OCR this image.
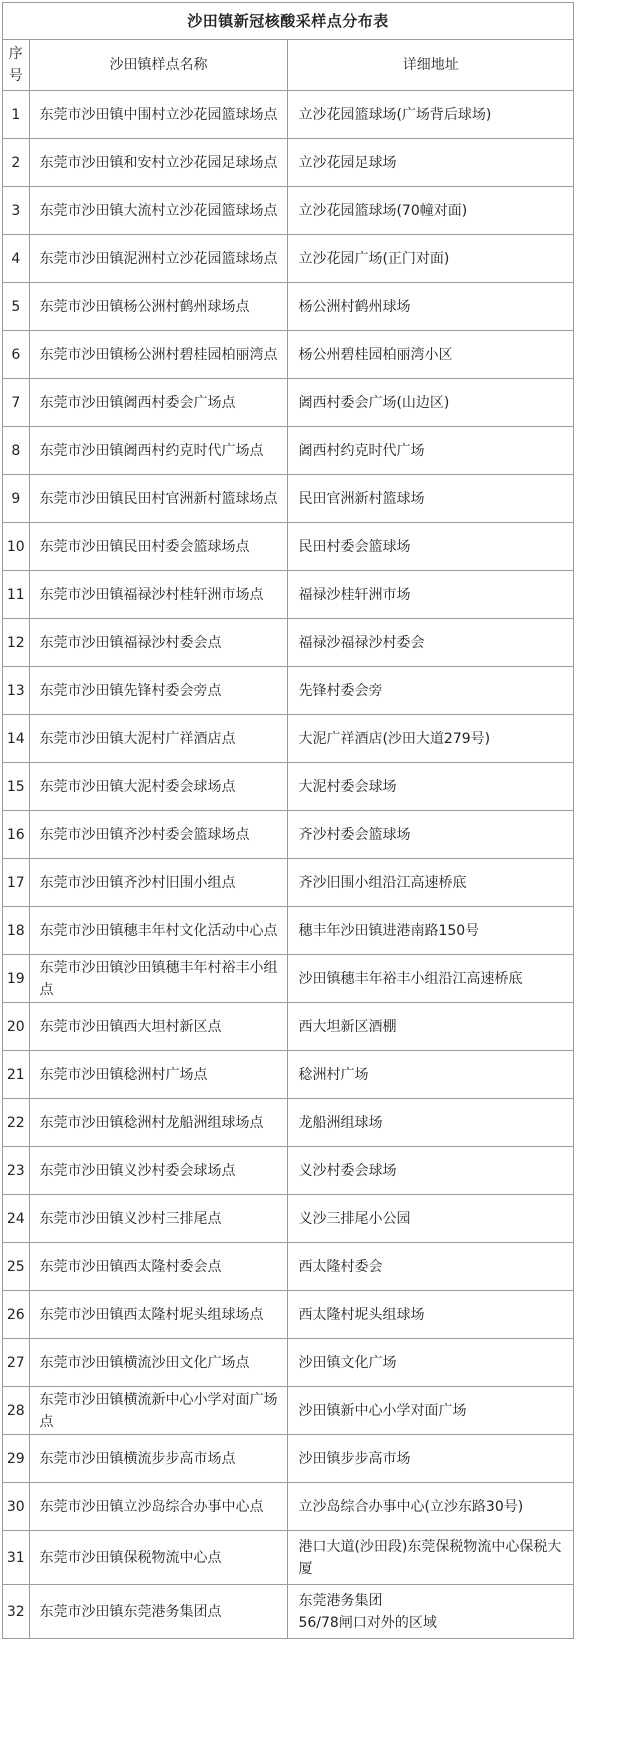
沙田镇新冠核酸采样点分布表		
序号	沙田镇样点名称	详细地址
1	东莞市沙田镇中围村立沙花园篮球场点	立沙花园篮球场(广场背后球场)
2	东莞市沙田镇和安村立沙花园足球场点	立沙花园足球场
3	东莞市沙田镇大流村立沙花园篮球场点	立沙花园篮球场(70幢对面)
4	东莞市沙田镇泥洲村立沙花园篮球场点	立沙花园广场(正门对面)
5	东莞市沙田镇杨公洲村鹤州球场点	杨公洲村鹤州球场
6	东莞市沙田镇杨公洲村碧桂园柏丽湾点	杨公州碧桂园柏丽湾小区
7	东莞市沙田镇阇西村委会广场点	阇西村委会广场(山边区)
8	东莞市沙田镇阇西村约克时代广场点	阇西村约克时代广场
9	东莞市沙田镇民田村官洲新村篮球场点	民田官洲新村篮球场
10	东莞市沙田镇民田村委会篮球场点	民田村委会篮球场
11	东莞市沙田镇福禄沙村桂轩洲市场点	福禄沙桂轩洲市场
12	东莞市沙田镇福禄沙村委会点	福禄沙福禄沙村委会
13	东莞市沙田镇先锋村委会旁点	先锋村委会旁
14	东莞市沙田镇大泥村广祥酒店点	大泥广祥酒店(沙田大道279号)
15	东莞市沙田镇大泥村委会球场点	大泥村委会球场
16	东莞市沙田镇齐沙村委会篮球场点	齐沙村委会篮球场
17	东莞市沙田镇齐沙村旧围小组点	齐沙旧围小组沿江高速桥底
18	东莞市沙田镇穗丰年村文化活动中心点	穗丰年沙田镇进港南路150号
19	东莞市沙田镇沙田镇穗丰年村裕丰小组点	沙田镇穗丰年裕丰小组沿江高速桥底
20	东莞市沙田镇西大坦村新区点	西大坦新区酒棚
21	东莞市沙田镇稔洲村广场点	稔洲村广场
22	东莞市沙田镇稔洲村龙船洲组球场点	龙船洲组球场
23	东莞市沙田镇义沙村委会球场点	义沙村委会球场
24	东莞市沙田镇义沙村三排尾点	义沙三排尾小公园
25	东莞市沙田镇西太隆村委会点	西太隆村委会
26	东莞市沙田镇西太隆村坭头组球场点	西太隆村坭头组球场
27	东莞市沙田镇横流沙田文化广场点	沙田镇文化广场
28	东莞市沙田镇横流新中心小学对面广场点	沙田镇新中心小学对面广场
29	东莞市沙田镇横流步步高市场点	沙田镇步步高市场
30	东莞市沙田镇立沙岛综合办事中心点	立沙岛综合办事中心(立沙东路30号)
31	东莞市沙田镇保税物流中心点	港口大道(沙田段)东莞保税物流中心保税大厦
32	东莞市沙田镇东莞港务集团点	东莞港务集团
56/78闸口对外的区域
